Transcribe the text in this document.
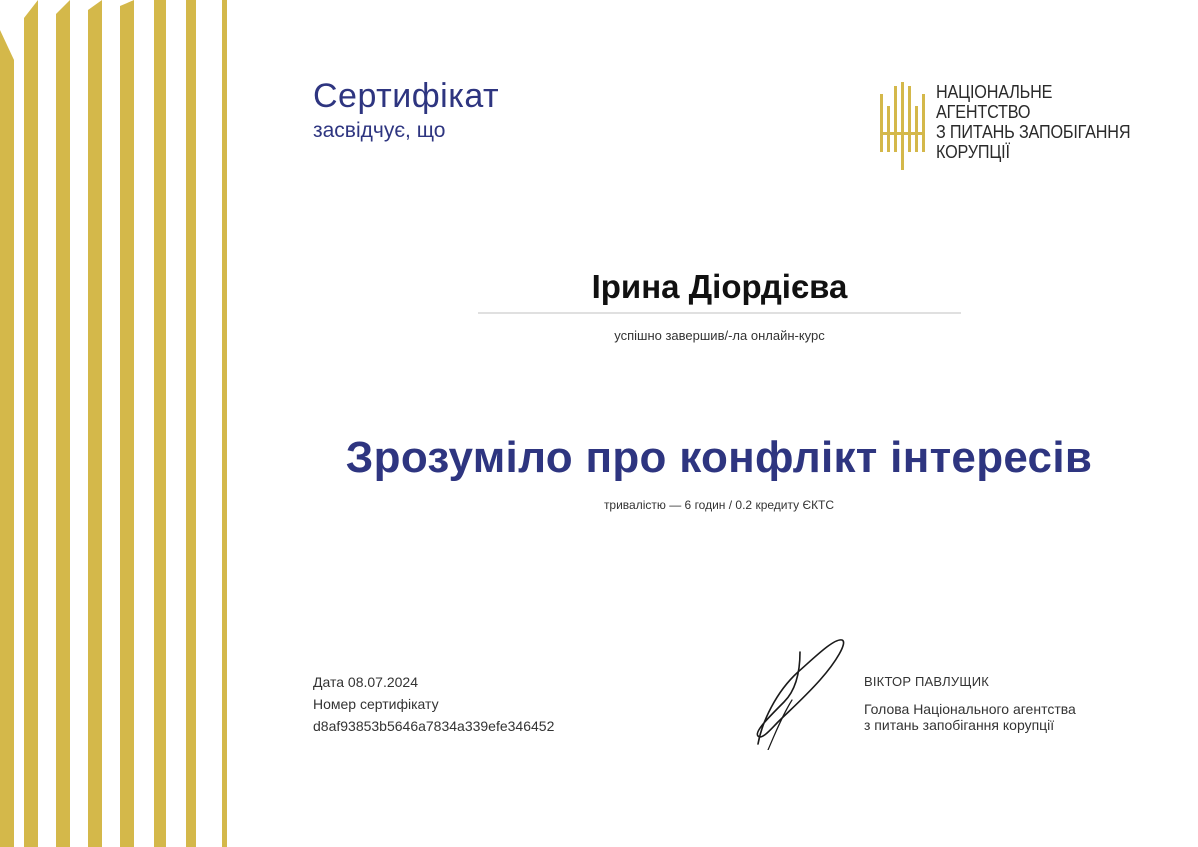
Сертифікат
засвідчує, що
НАЦІОНАЛЬНЕ АГЕНТСТВО
З ПИТАНЬ ЗАПОБІГАННЯ
КОРУПЦІЇ
Ірина Діордієва
успішно завершив/-ла онлайн-курс
Зрозуміло про конфлікт інтересів
тривалістю — 6 годин / 0.2 кредиту ЄКТС
Дата 08.07.2024
Номер сертифікату
d8af93853b5646a7834a339efe346452
ВІКТОР ПАВЛУЩИК
Голова Національного агентства
з питань запобігання корупції
